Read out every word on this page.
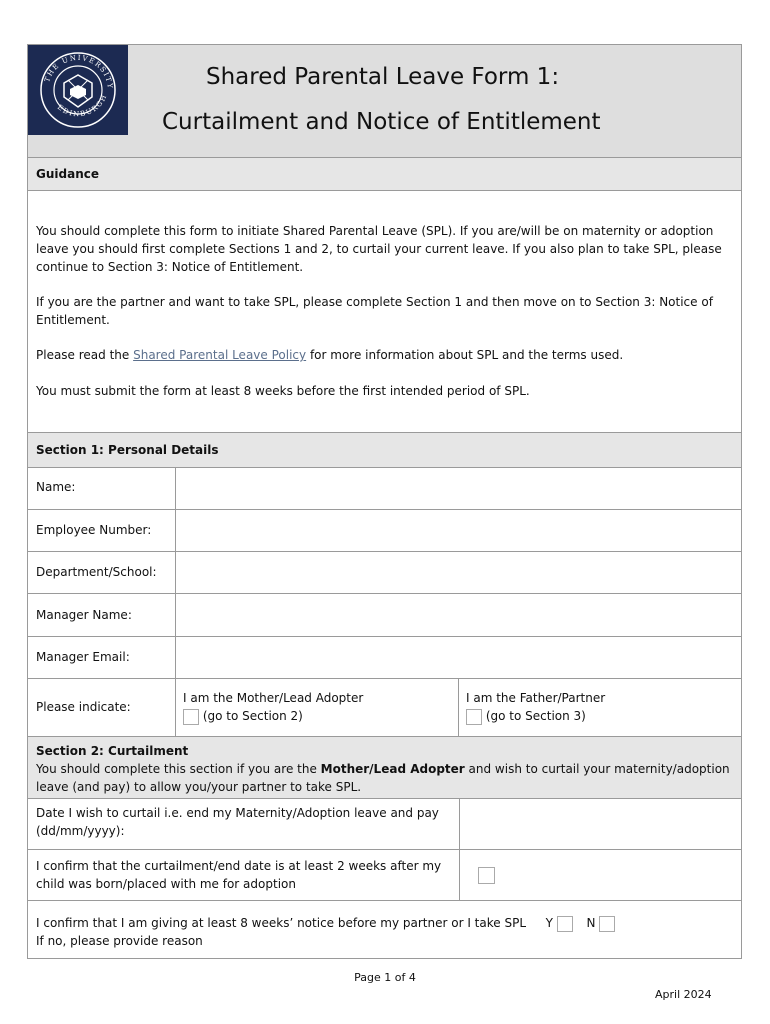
THE UNIVERSITY
EDINBURGH
Shared Parental Leave Form 1:
Curtailment and Notice of Entitlement
Guidance
You should complete this form to initiate Shared Parental Leave (SPL). If you are/will be on maternity or adoption leave you should first complete Sections 1 and 2, to curtail your current leave. If you also plan to take SPL, please continue to Section 3: Notice of Entitlement.
If you are the partner and want to take SPL, please complete Section 1 and then move on to Section 3: Notice of Entitlement.
Please read the Shared Parental Leave Policy for more information about SPL and the terms used.
You must submit the form at least 8 weeks before the first intended period of SPL.
Section 1: Personal Details
Name:
Employee Number:
Department/School:
Manager Name:
Manager Email:
Please indicate:
I am the Mother/Lead Adopter
(go to Section 2)
I am the Father/Partner
(go to Section 3)
Section 2: Curtailment
You should complete this section if you are the Mother/Lead Adopter and wish to curtail your maternity/adoption leave (and pay) to allow you/your partner to take SPL.
Date I wish to curtail i.e. end my Maternity/Adoption leave and pay (dd/mm/yyyy):
I confirm that the curtailment/end date is at least 2 weeks after my child was born/placed with me for adoption
I confirm that I am giving at least 8 weeks’ notice before my partner or I take SPL Y	N
If no, please provide reason
Page 1 of 4
April 2024
